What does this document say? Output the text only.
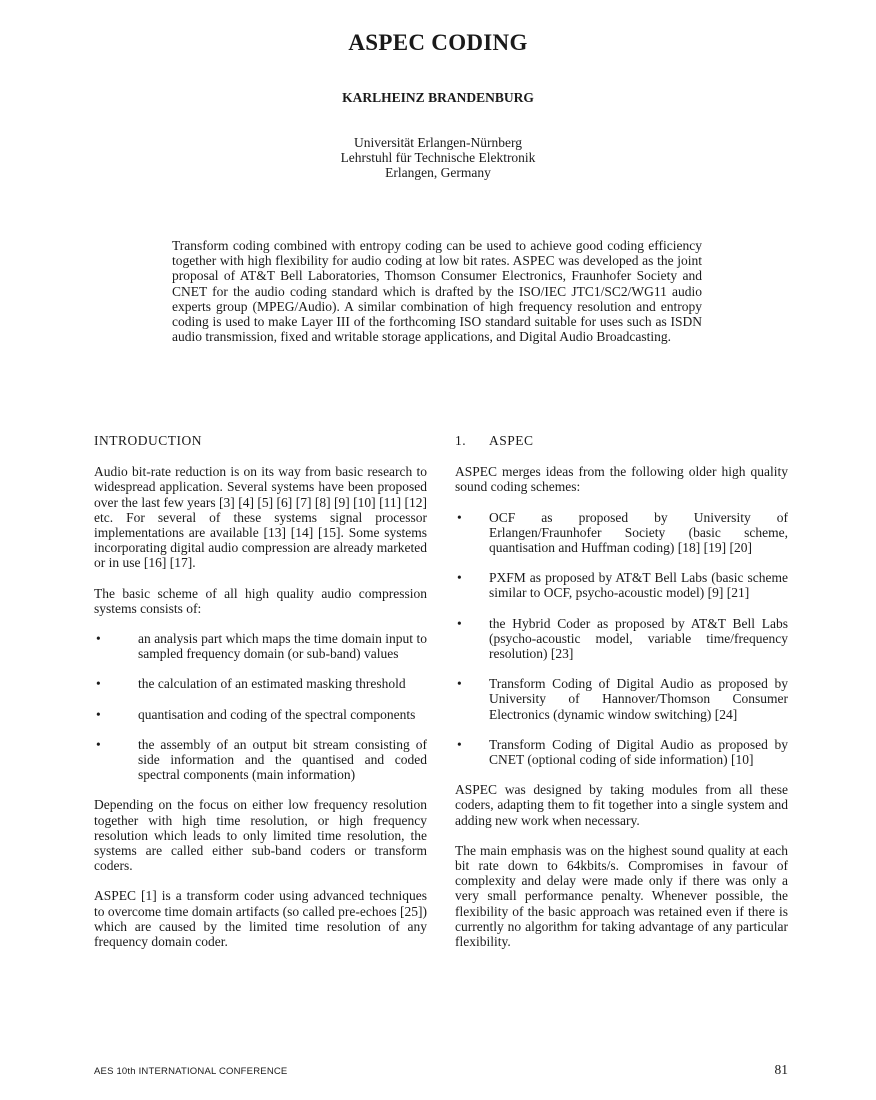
ASPEC CODING
KARLHEINZ BRANDENBURG
Universität Erlangen-Nürnberg
Lehrstuhl für Technische Elektronik
Erlangen, Germany
Transform coding combined with entropy coding can be used to achieve good coding efficiency together with high flexibility for audio coding at low bit rates. ASPEC was developed as the joint proposal of AT&T Bell Laboratories, Thomson Consumer Electronics, Fraunhofer Society and CNET for the audio coding standard which is drafted by the ISO/IEC JTC1/SC2/WG11 audio experts group (MPEG/Audio). A similar combination of high frequency resolution and entropy coding is used to make Layer III of the forthcoming ISO standard suitable for uses such as ISDN audio transmission, fixed and writable storage applications, and Digital Audio Broadcasting.
INTRODUCTION

Audio bit-rate reduction is on its way from basic research to widespread application. Several systems have been proposed over the last few years [3] [4] [5] [6] [7] [8] [9] [10] [11] [12] etc. For several of these systems signal processor implementations are available [13] [14] [15]. Some systems incorporating digital audio compression are already marketed or in use [16] [17].

The basic scheme of all high quality audio compression systems consists of:

•	an analysis part which maps the time domain input to sampled frequency domain (or sub-band) values
•	the calculation of an estimated masking threshold
•	quantisation and coding of the spectral components
•	the assembly of an output bit stream consisting of side information and the quantised and coded spectral components (main information)

Depending on the focus on either low frequency resolution together with high time resolution, or high frequency resolution which leads to only limited time resolution, the systems are called either sub-band coders or transform coders.

ASPEC [1] is a transform coder using advanced techniques to overcome time domain artifacts (so called pre-echoes [25]) which are caused by the limited time resolution of any frequency domain coder.

1. ASPEC

ASPEC merges ideas from the following older high quality sound coding schemes:

• OCF as proposed by University of Erlangen/Fraunhofer Society (basic scheme, quantisation and Huffman coding) [18] [19] [20]
• PXFM as proposed by AT&T Bell Labs (basic scheme similar to OCF, psycho-acoustic model) [9] [21]
• the Hybrid Coder as proposed by AT&T Bell Labs (psycho-acoustic model, variable time/frequency resolution) [23]
• Transform Coding of Digital Audio as proposed by University of Hannover/Thomson Consumer Electronics (dynamic window switching) [24]
• Transform Coding of Digital Audio as proposed by CNET (optional coding of side information) [10]

ASPEC was designed by taking modules from all these coders, adapting them to fit together into a single system and adding new work when necessary.

The main emphasis was on the highest sound quality at each bit rate down to 64kbits/s. Compromises in favour of complexity and delay were made only if there was only a very small performance penalty. Whenever possible, the flexibility of the basic approach was retained even if there is currently no algorithm for taking advantage of any particular flexibility.

AES 10th INTERNATIONAL CONFERENCE	81
